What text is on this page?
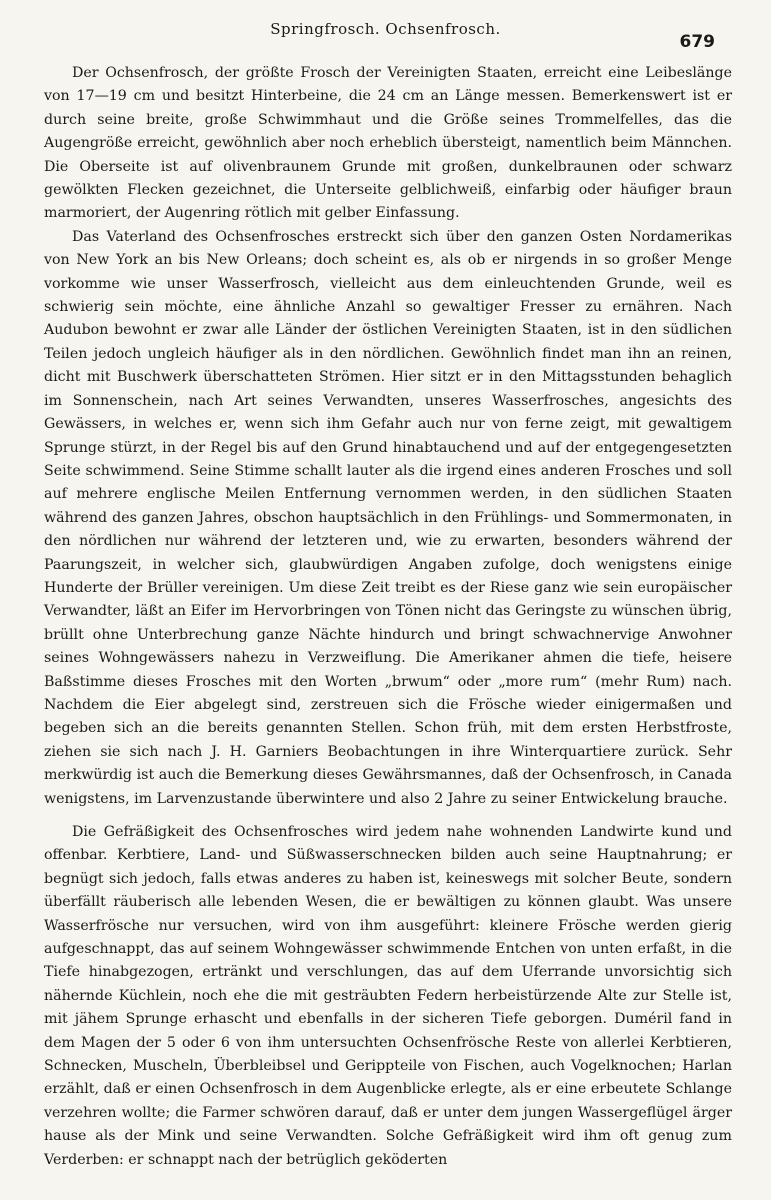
Springfrosch. Ochsenfrosch.
679

Der Ochsenfrosch, der größte Frosch der Vereinigten Staaten, erreicht eine Leibeslänge von 17—19 cm und besitzt Hinterbeine, die 24 cm an Länge messen. Bemerkenswert ist er durch seine breite, große Schwimmhaut und die Größe seines Trommelfelles, das die Augengröße erreicht, gewöhnlich aber noch erheblich übersteigt, namentlich beim Männchen. Die Oberseite ist auf olivenbraunem Grunde mit großen, dunkelbraunen oder schwarz gewölkten Flecken gezeichnet, die Unterseite gelblichweiß, einfarbig oder häufiger braun marmoriert, der Augenring rötlich mit gelber Einfassung.

Das Vaterland des Ochsenfrosches erstreckt sich über den ganzen Osten Nordamerikas von New York an bis New Orleans; doch scheint es, als ob er nirgends in so großer Menge vorkomme wie unser Wasserfrosch, vielleicht aus dem einleuchtenden Grunde, weil es schwierig sein möchte, eine ähnliche Anzahl so gewaltiger Fresser zu ernähren. Nach Audubon bewohnt er zwar alle Länder der östlichen Vereinigten Staaten, ist in den südlichen Teilen jedoch ungleich häufiger als in den nördlichen. Gewöhnlich findet man ihn an reinen, dicht mit Buschwerk überschatteten Strömen. Hier sitzt er in den Mittagsstunden behaglich im Sonnenschein, nach Art seines Verwandten, unseres Wasserfrosches, angesichts des Gewässers, in welches er, wenn sich ihm Gefahr auch nur von ferne zeigt, mit gewaltigem Sprunge stürzt, in der Regel bis auf den Grund hinabtauchend und auf der entgegengesetzten Seite schwimmend. Seine Stimme schallt lauter als die irgend eines anderen Frosches und soll auf mehrere englische Meilen Entfernung vernommen werden, in den südlichen Staaten während des ganzen Jahres, obschon hauptsächlich in den Frühlings- und Sommermonaten, in den nördlichen nur während der letzteren und, wie zu erwarten, besonders während der Paarungszeit, in welcher sich, glaubwürdigen Angaben zufolge, doch wenigstens einige Hunderte der Brüller vereinigen. Um diese Zeit treibt es der Riese ganz wie sein europäischer Verwandter, läßt an Eifer im Hervorbringen von Tönen nicht das Geringste zu wünschen übrig, brüllt ohne Unterbrechung ganze Nächte hindurch und bringt schwachnervige Anwohner seines Wohngewässers nahezu in Verzweiflung. Die Amerikaner ahmen die tiefe, heisere Baßstimme dieses Frosches mit den Worten „brwum“ oder „more rum“ (mehr Rum) nach. Nachdem die Eier abgelegt sind, zerstreuen sich die Frösche wieder einigermaßen und begeben sich an die bereits genannten Stellen. Schon früh, mit dem ersten Herbstfroste, ziehen sie sich nach J. H. Garniers Beobachtungen in ihre Winterquartiere zurück. Sehr merkwürdig ist auch die Bemerkung dieses Gewährsmannes, daß der Ochsenfrosch, in Canada wenigstens, im Larvenzustande überwintere und also 2 Jahre zu seiner Entwickelung brauche.

Die Gefräßigkeit des Ochsenfrosches wird jedem nahe wohnenden Landwirte kund und offenbar. Kerbtiere, Land- und Süßwasserschnecken bilden auch seine Hauptnahrung; er begnügt sich jedoch, falls etwas anderes zu haben ist, keineswegs mit solcher Beute, sondern überfällt räuberisch alle lebenden Wesen, die er bewältigen zu können glaubt. Was unsere Wasserfrösche nur versuchen, wird von ihm ausgeführt: kleinere Frösche werden gierig aufgeschnappt, das auf seinem Wohngewässer schwimmende Entchen von unten erfaßt, in die Tiefe hinabgezogen, ertränkt und verschlungen, das auf dem Uferrande unvorsichtig sich nähernde Küchlein, noch ehe die mit gesträubten Federn herbeistürzende Alte zur Stelle ist, mit jähem Sprunge erhascht und ebenfalls in der sicheren Tiefe geborgen. Duméril fand in dem Magen der 5 oder 6 von ihm untersuchten Ochsenfrösche Reste von allerlei Kerbtieren, Schnecken, Muscheln, Überbleibsel und Gerippteile von Fischen, auch Vogelknochen; Harlan erzählt, daß er einen Ochsenfrosch in dem Augenblicke erlegte, als er eine erbeutete Schlange verzehren wollte; die Farmer schwören darauf, daß er unter dem jungen Wassergeflügel ärger hause als der Mink und seine Verwandten. Solche Gefräßigkeit wird ihm oft genug zum Verderben: er schnappt nach der betrüglich geköderten
